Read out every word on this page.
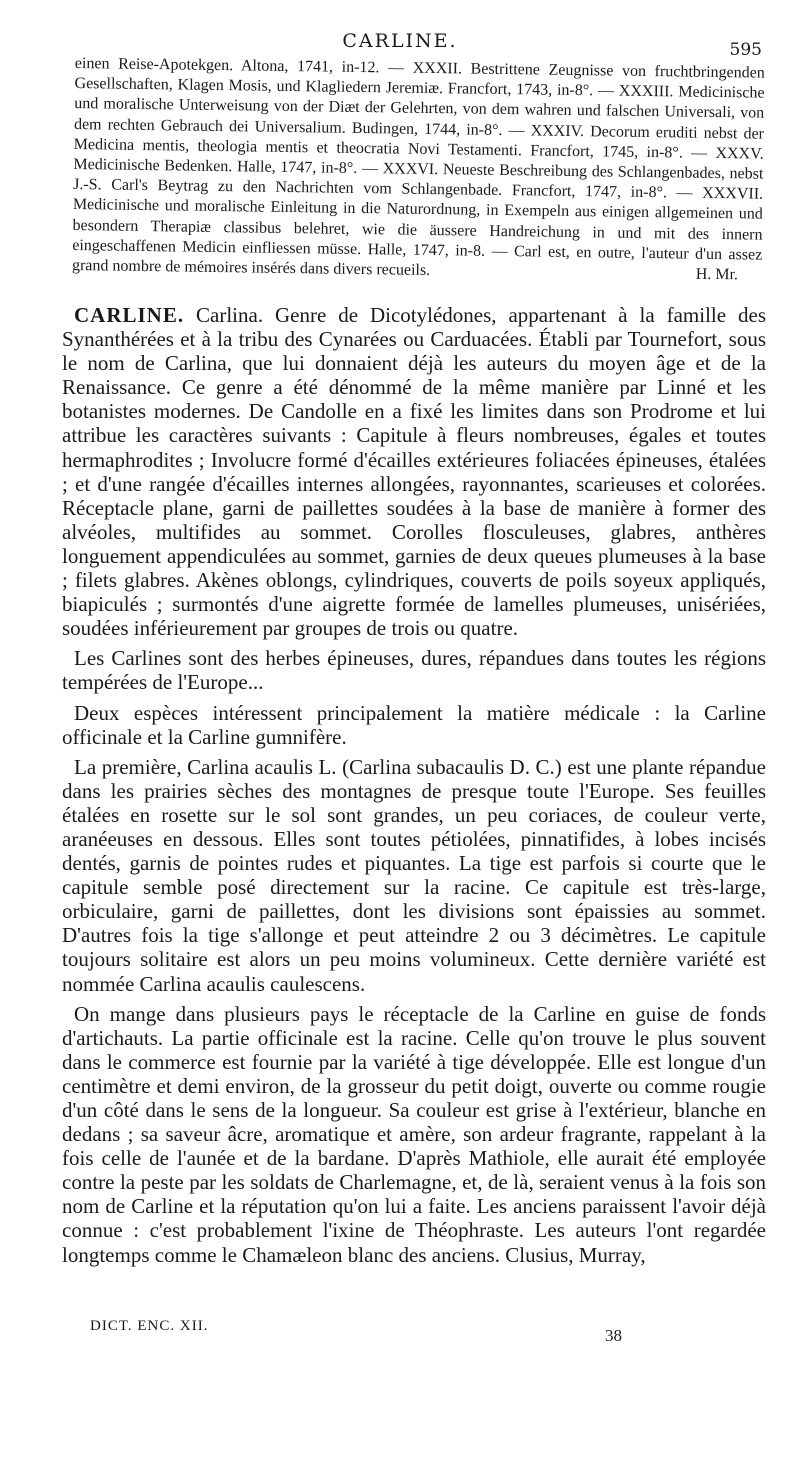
CARLINE.	595
einen Reise-Apotekgen. Altona, 1741, in-12. — XXXII. Bestrittene Zeugnisse von fruchtbringenden Gesellschaften, Klagen Mosis, und Klagliedern Jeremiæ. Francfort, 1743, in-8°. — XXXIII. Medicinische und moralische Unterweisung von der Diæt der Gelehrten, von dem wahren und falschen Universali, von dem rechten Gebrauch dei Universalium. Budingen, 1744, in-8°. — XXXIV. Decorum eruditi nebst der Medicina mentis, theologia mentis et theocratia Novi Testamenti. Francfort, 1745, in-8°. — XXXV. Medicinische Bedenken. Halle, 1747, in-8°. — XXXVI. Neueste Beschreibung des Schlangenbades, nebst J.-S. Carl's Beytrag zu den Nachrichten vom Schlangenbade. Francfort, 1747, in-8°. — XXXVII. Medicinische und moralische Einleitung in die Naturordnung, in Exempeln aus einigen allgemeinen und besondern Therapiæ classibus belehret, wie die äussere Handreichung in und mit des innern eingeschaffenen Medicin einfliessen müsse. Halle, 1747, in-8. — Carl est, en outre, l'auteur d'un assez grand nombre de mémoires insérés dans divers recueils.	H. Mr.

CARLINE. Carlina. Genre de Dicotylédones, appartenant à la famille des Synanthérées et à la tribu des Cynarées ou Carduacées. Établi par Tournefort, sous le nom de Carlina, que lui donnaient déjà les auteurs du moyen âge et de la Renaissance. Ce genre a été dénommé de la même manière par Linné et les botanistes modernes. De Candolle en a fixé les limites dans son Prodrome et lui attribue les caractères suivants : Capitule à fleurs nombreuses, égales et toutes hermaphrodites ; Involucre formé d'écailles extérieures foliacées épineuses, étalées ; et d'une rangée d'écailles internes allongées, rayonnantes, scarieuses et colorées. Réceptacle plane, garni de paillettes soudées à la base de manière à former des alvéoles, multifides au sommet. Corolles flosculeuses, glabres, anthères longuement appendiculées au sommet, garnies de deux queues plumeuses à la base ; filets glabres. Akènes oblongs, cylindriques, couverts de poils soyeux appliqués, biapiculés ; surmontés d'une aigrette formée de lamelles plumeuses, unisériées, soudées inférieurement par groupes de trois ou quatre.

Les Carlines sont des herbes épineuses, dures, répandues dans toutes les régions tempérées de l'Europe...

Deux espèces intéressent principalement la matière médicale : la Carline officinale et la Carline gumnifère.

La première, Carlina acaulis L. (Carlina subacaulis D. C.) est une plante répandue dans les prairies sèches des montagnes de presque toute l'Europe. Ses feuilles étalées en rosette sur le sol sont grandes, un peu coriaces, de couleur verte, aranéeuses en dessous. Elles sont toutes pétiolées, pinnatifides, à lobes incisés dentés, garnis de pointes rudes et piquantes. La tige est parfois si courte que le capitule semble posé directement sur la racine. Ce capitule est très-large, orbiculaire, garni de paillettes, dont les divisions sont épaissies au sommet. D'autres fois la tige s'allonge et peut atteindre 2 ou 3 décimètres. Le capitule toujours solitaire est alors un peu moins volumineux. Cette dernière variété est nommée Carlina acaulis caulescens.

On mange dans plusieurs pays le réceptacle de la Carline en guise de fonds d'artichauts. La partie officinale est la racine. Celle qu'on trouve le plus souvent dans le commerce est fournie par la variété à tige développée. Elle est longue d'un centimètre et demi environ, de la grosseur du petit doigt, ouverte ou comme rougie d'un côté dans le sens de la longueur. Sa couleur est grise à l'extérieur, blanche en dedans ; sa saveur âcre, aromatique et amère, son ardeur fragrante, rappelant à la fois celle de l'aunée et de la bardane. D'après Mathiole, elle aurait été employée contre la peste par les soldats de Charlemagne, et, de là, seraient venus à la fois son nom de Carline et la réputation qu'on lui a faite. Les anciens paraissent l'avoir déjà connue : c'est probablement l'ixine de Théophraste. Les auteurs l'ont regardée longtemps comme le Chamæleon blanc des anciens. Clusius, Murray,

DICT. ENC. XII.	38
